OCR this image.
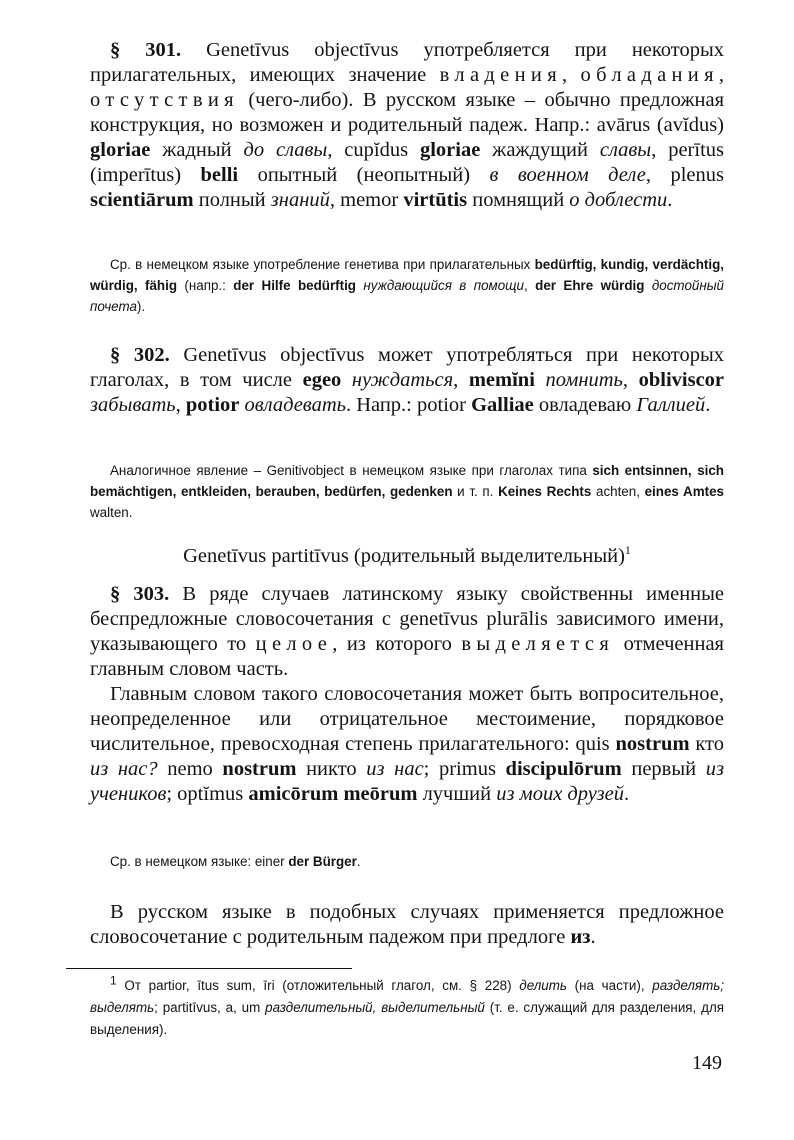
§ 301. Genetīvus objectīvus употребляется при некоторых прилагательных, имеющих значение владения, обладания, отсутствия (чего-либо). В русском языке – обычно предложная конструкция, но возможен и родительный падеж. Напр.: avārus (avĭdus) gloriae жадный до славы, cupĭdus gloriae жаждущий славы, perītus (imperītus) belli опытный (неопытный) в военном деле, plenus scientiārum полный знаний, memor virtūtis помнящий о доблести.

Ср. в немецком языке употребление генетива при прилагательных bedürftig, kundig, verdächtig, würdig, fähig (напр.: der Hilfe bedürftig нуждающийся в помощи, der Ehre würdig достойный почета).

§ 302. Genetīvus objectīvus может употребляться при некоторых глаголах, в том числе egeo нуждаться, memĭni помнить, obliviscor забывать, potior овладевать. Напр.: potior Galliae овладеваю Галлией.

Аналогичное явление – Genitivobject в немецком языке при глаголах типа sich entsinnen, sich bemächtigen, entkleiden, berauben, bedürfen, gedenken и т. п. Keines Rechts achten, eines Amtes walten.

Genetīvus partitīvus (родительный выделительный)$^1$

§ 303. В ряде случаев латинскому языку свойственны именные беспредложные словосочетания с genetīvus plurālis зависимого имени, указывающего то целое, из которого выделяется отмеченная главным словом часть.

Главным словом такого словосочетания может быть вопросительное, неопределенное или отрицательное местоимение, порядковое числительное, превосходная степень прилагательного: quis nostrum кто из нас? nemo nostrum никто из нас; primus discipulōrum первый из учеников; optĭmus amicōrum meōrum лучший из моих друзей.

Ср. в немецком языке: einer der Bürger.

В русском языке в подобных случаях применяется предложное словосочетание с родительным падежом при предлоге из.

$^1$ От partior, ītus sum, īri (отложительный глагол, см. § 228) делить (на части), разделять; выделять; partitīvus, a, um разделительный, выделительный (т. е. служащий для разделения, для выделения).

149
